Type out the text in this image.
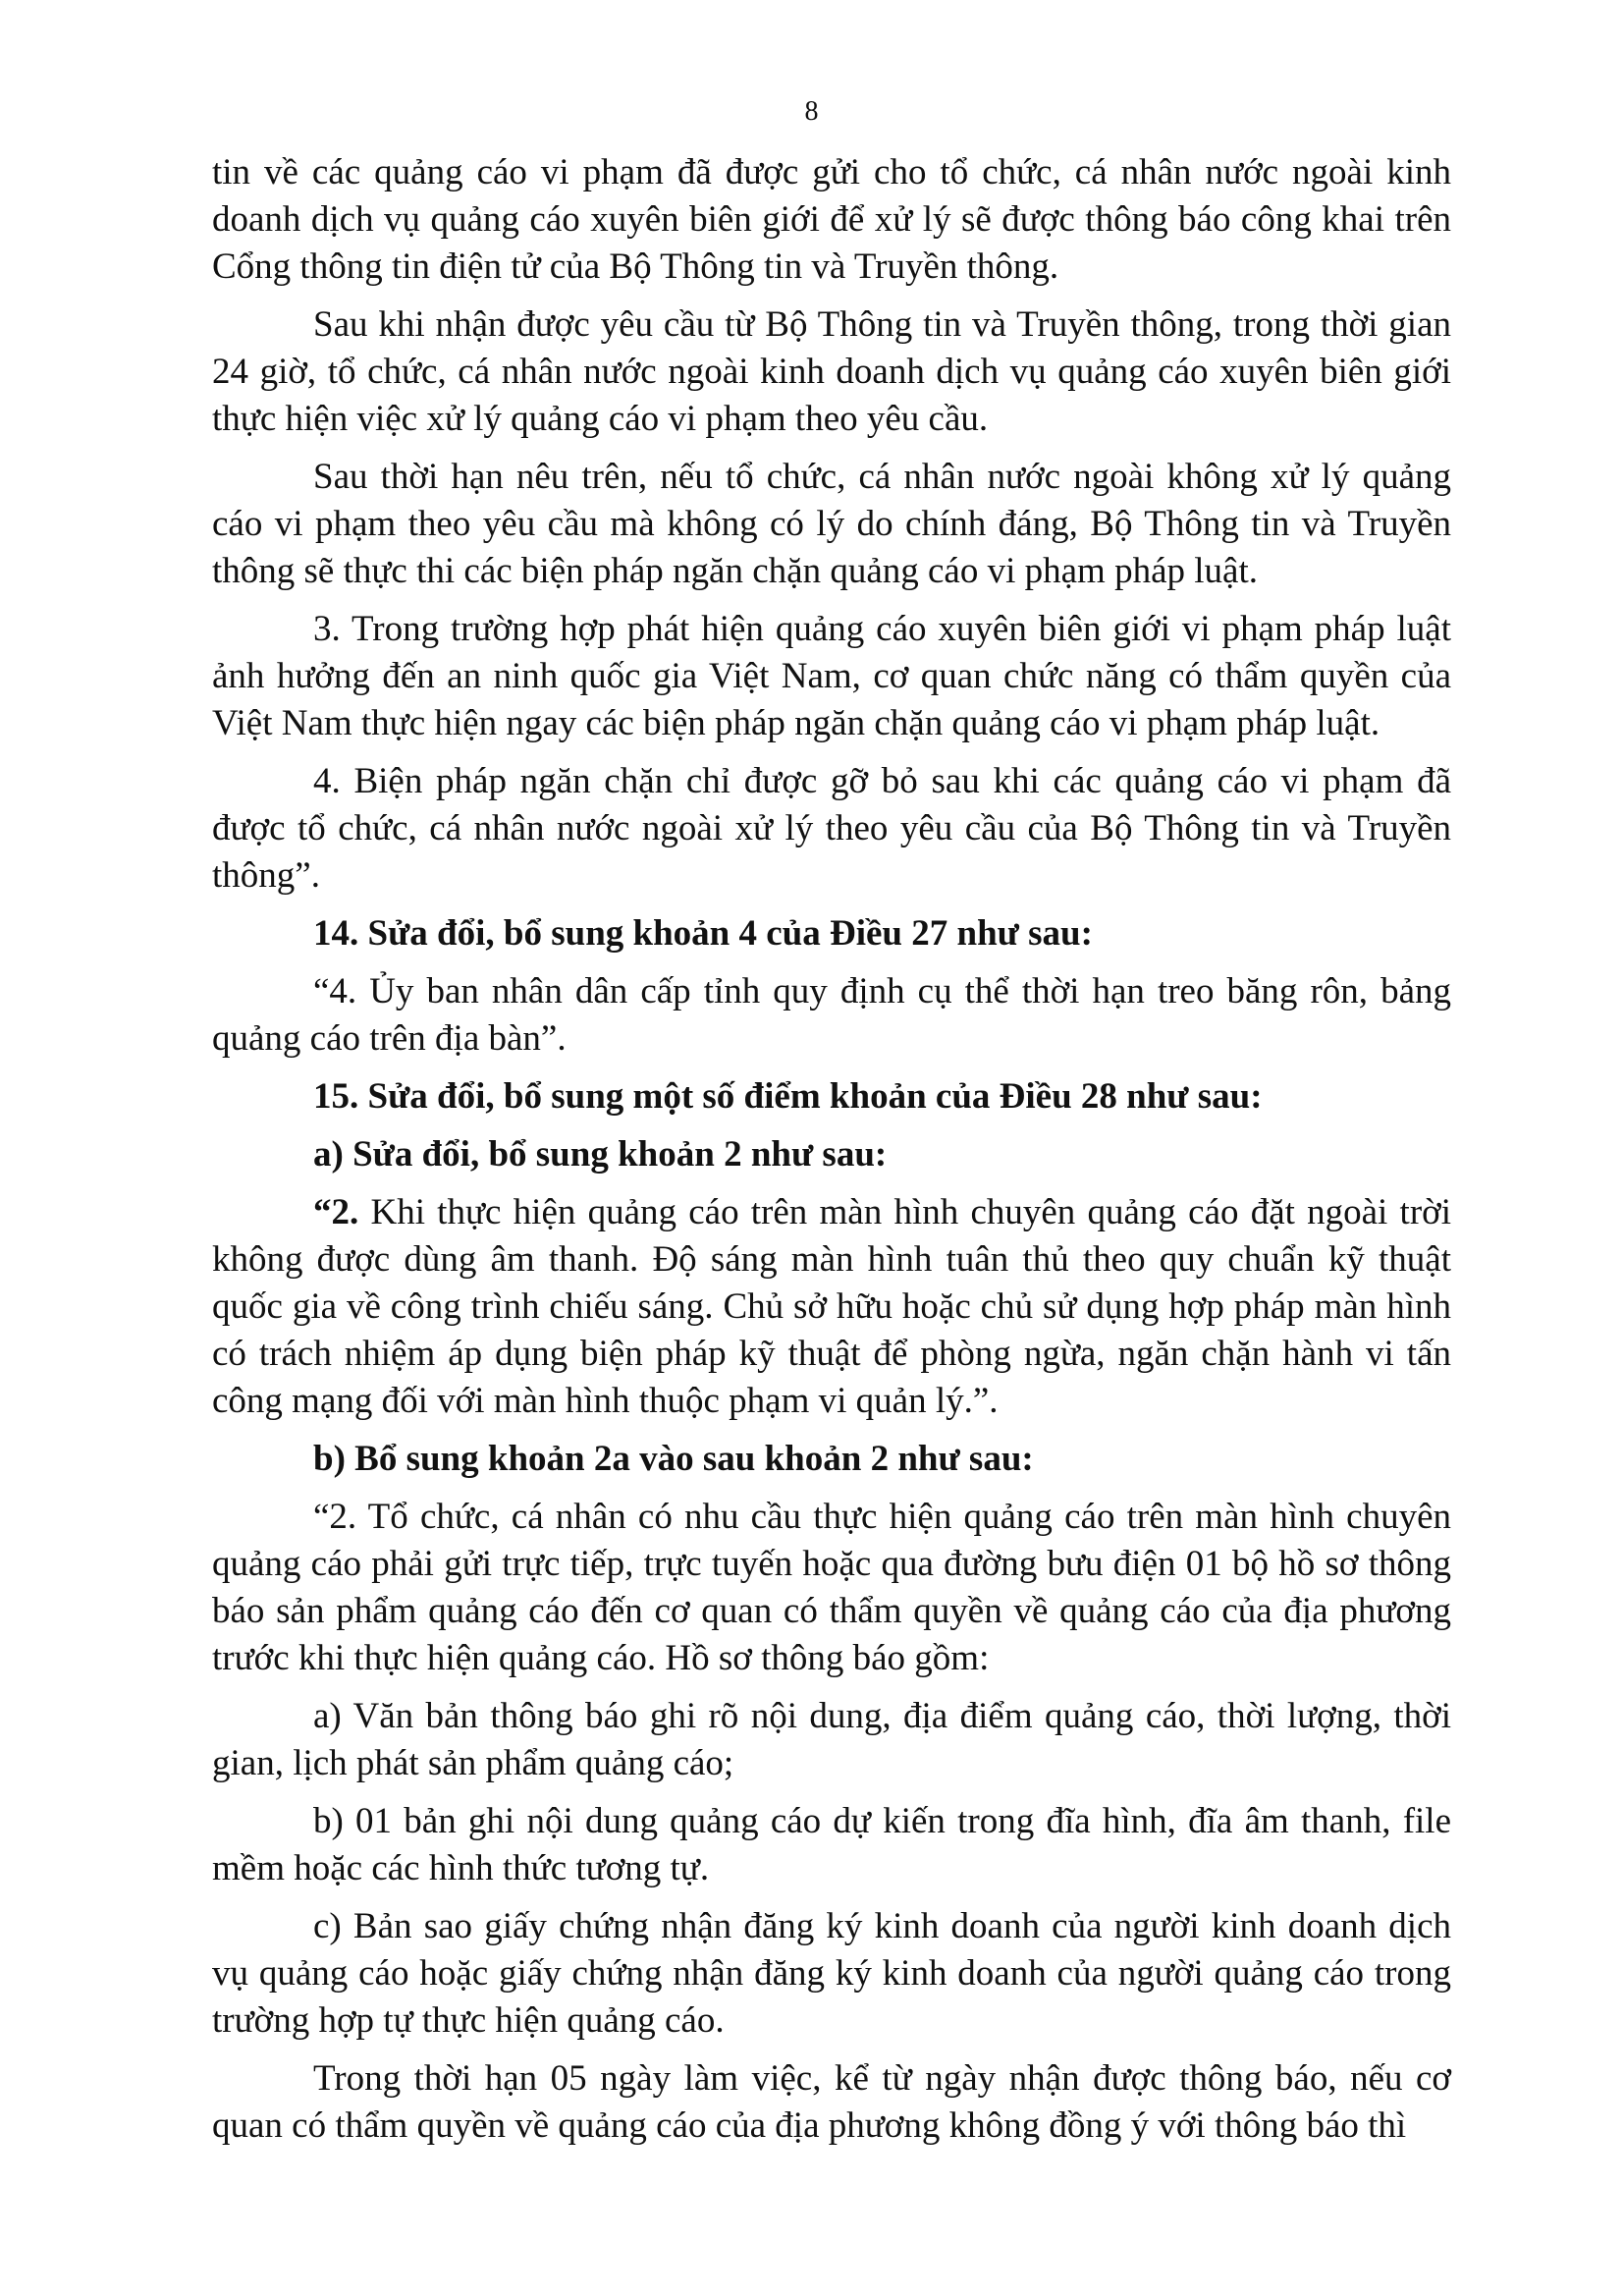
8

tin về các quảng cáo vi phạm đã được gửi cho tổ chức, cá nhân nước ngoài kinh doanh dịch vụ quảng cáo xuyên biên giới để xử lý sẽ được thông báo công khai trên Cổng thông tin điện tử của Bộ Thông tin và Truyền thông.

Sau khi nhận được yêu cầu từ Bộ Thông tin và Truyền thông, trong thời gian 24 giờ, tổ chức, cá nhân nước ngoài kinh doanh dịch vụ quảng cáo xuyên biên giới thực hiện việc xử lý quảng cáo vi phạm theo yêu cầu.

Sau thời hạn nêu trên, nếu tổ chức, cá nhân nước ngoài không xử lý quảng cáo vi phạm theo yêu cầu mà không có lý do chính đáng, Bộ Thông tin và Truyền thông sẽ thực thi các biện pháp ngăn chặn quảng cáo vi phạm pháp luật.

3. Trong trường hợp phát hiện quảng cáo xuyên biên giới vi phạm pháp luật ảnh hưởng đến an ninh quốc gia Việt Nam, cơ quan chức năng có thẩm quyền của Việt Nam thực hiện ngay các biện pháp ngăn chặn quảng cáo vi phạm pháp luật.

4. Biện pháp ngăn chặn chỉ được gỡ bỏ sau khi các quảng cáo vi phạm đã được tổ chức, cá nhân nước ngoài xử lý theo yêu cầu của Bộ Thông tin và Truyền thông”.

14. Sửa đổi, bổ sung khoản 4 của Điều 27 như sau:

“4. Ủy ban nhân dân cấp tỉnh quy định cụ thể thời hạn treo băng rôn, bảng quảng cáo trên địa bàn”.

15. Sửa đổi, bổ sung một số điểm khoản của Điều 28 như sau:

a) Sửa đổi, bổ sung khoản 2 như sau:

“2. Khi thực hiện quảng cáo trên màn hình chuyên quảng cáo đặt ngoài trời không được dùng âm thanh. Độ sáng màn hình tuân thủ theo quy chuẩn kỹ thuật quốc gia về công trình chiếu sáng. Chủ sở hữu hoặc chủ sử dụng hợp pháp màn hình có trách nhiệm áp dụng biện pháp kỹ thuật để phòng ngừa, ngăn chặn hành vi tấn công mạng đối với màn hình thuộc phạm vi quản lý.”.

b) Bổ sung khoản 2a vào sau khoản 2 như sau:

“2. Tổ chức, cá nhân có nhu cầu thực hiện quảng cáo trên màn hình chuyên quảng cáo phải gửi trực tiếp, trực tuyến hoặc qua đường bưu điện 01 bộ hồ sơ thông báo sản phẩm quảng cáo đến cơ quan có thẩm quyền về quảng cáo của địa phương trước khi thực hiện quảng cáo. Hồ sơ thông báo gồm:

a) Văn bản thông báo ghi rõ nội dung, địa điểm quảng cáo, thời lượng, thời gian, lịch phát sản phẩm quảng cáo;

b) 01 bản ghi nội dung quảng cáo dự kiến trong đĩa hình, đĩa âm thanh, file mềm hoặc các hình thức tương tự.

c) Bản sao giấy chứng nhận đăng ký kinh doanh của người kinh doanh dịch vụ quảng cáo hoặc giấy chứng nhận đăng ký kinh doanh của người quảng cáo trong trường hợp tự thực hiện quảng cáo.

Trong thời hạn 05 ngày làm việc, kể từ ngày nhận được thông báo, nếu cơ quan có thẩm quyền về quảng cáo của địa phương không đồng ý với thông báo thì
